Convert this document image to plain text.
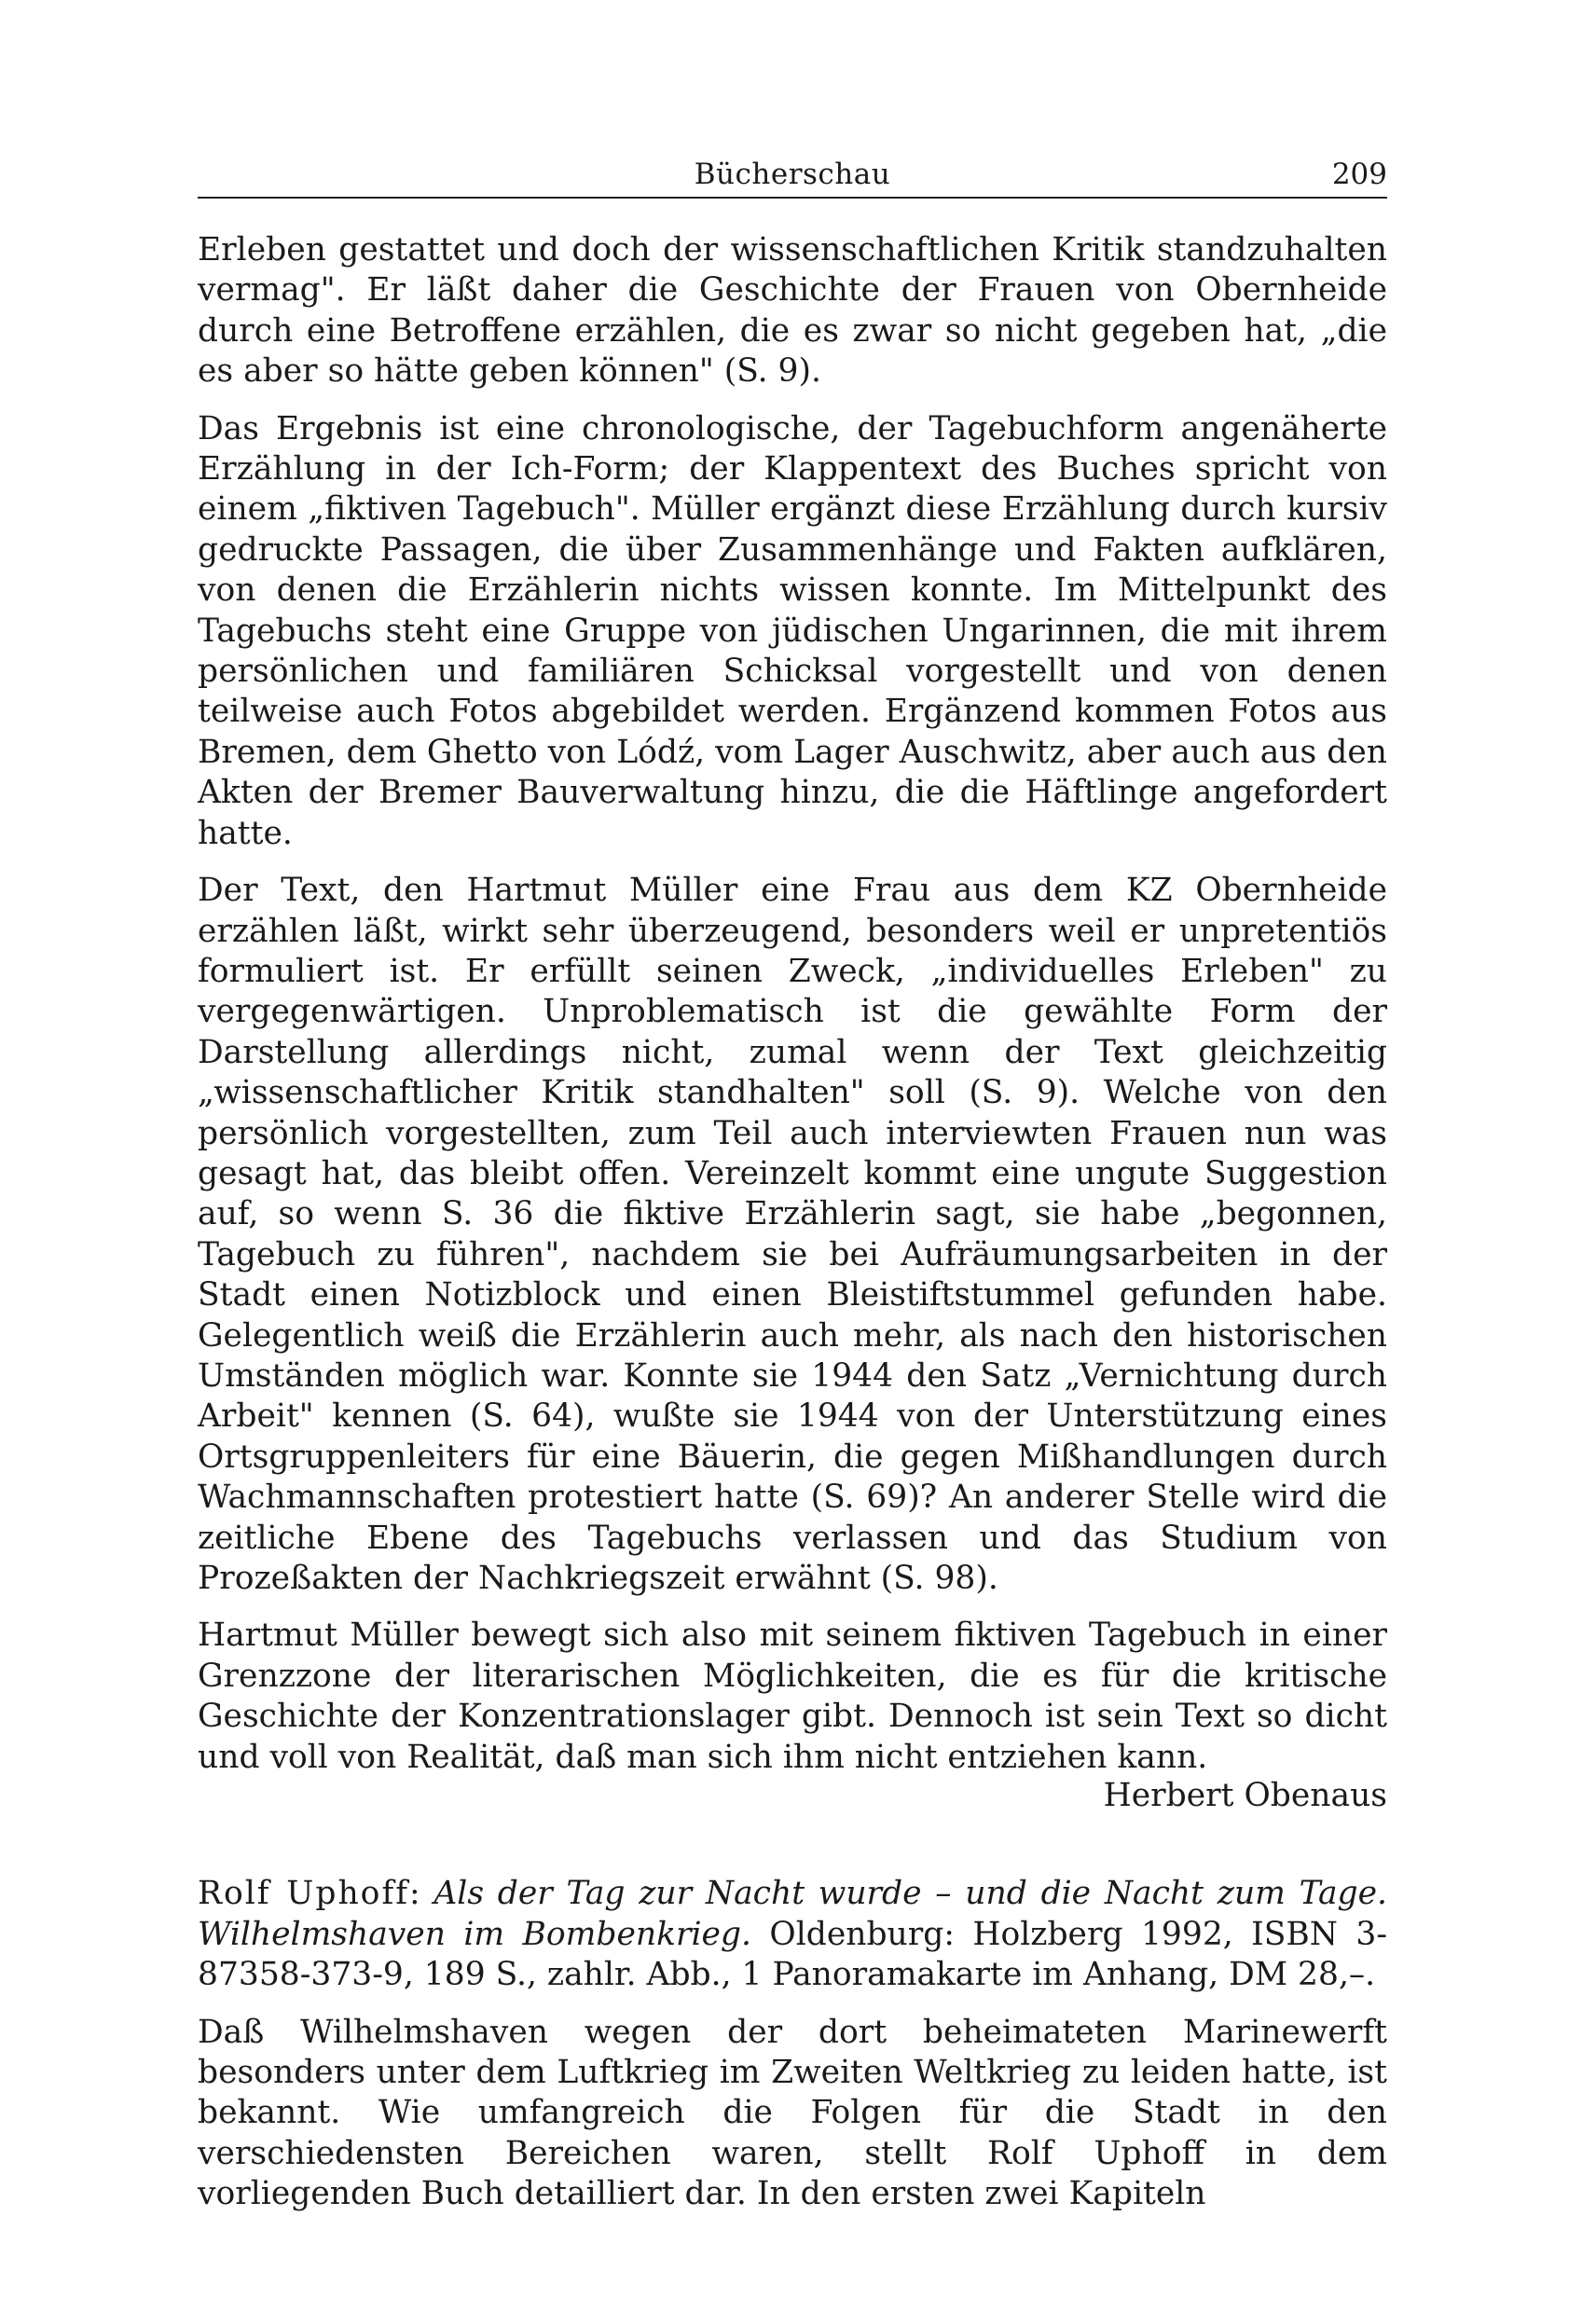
Bücherschau	209

Erleben gestattet und doch der wissenschaftlichen Kritik standzuhalten vermag". Er läßt daher die Geschichte der Frauen von Obernheide durch eine Betroffene erzählen, die es zwar so nicht gegeben hat, „die es aber so hätte geben können" (S. 9).

Das Ergebnis ist eine chronologische, der Tagebuchform angenäherte Erzählung in der Ich-Form; der Klappentext des Buches spricht von einem „fiktiven Tagebuch". Müller ergänzt diese Erzählung durch kursiv gedruckte Passagen, die über Zusammenhänge und Fakten aufklären, von denen die Erzählerin nichts wissen konnte. Im Mittelpunkt des Tagebuchs steht eine Gruppe von jüdischen Ungarinnen, die mit ihrem persönlichen und familiären Schicksal vorgestellt und von denen teilweise auch Fotos abgebildet werden. Ergänzend kommen Fotos aus Bremen, dem Ghetto von Lódź, vom Lager Auschwitz, aber auch aus den Akten der Bremer Bauverwaltung hinzu, die die Häftlinge angefordert hatte.

Der Text, den Hartmut Müller eine Frau aus dem KZ Obernheide erzählen läßt, wirkt sehr überzeugend, besonders weil er unpretentiös formuliert ist. Er erfüllt seinen Zweck, „individuelles Erleben" zu vergegenwärtigen. Unproblematisch ist die gewählte Form der Darstellung allerdings nicht, zumal wenn der Text gleichzeitig „wissenschaftlicher Kritik standhalten" soll (S. 9). Welche von den persönlich vorgestellten, zum Teil auch interviewten Frauen nun was gesagt hat, das bleibt offen. Vereinzelt kommt eine ungute Suggestion auf, so wenn S. 36 die fiktive Erzählerin sagt, sie habe „begonnen, Tagebuch zu führen", nachdem sie bei Aufräumungsarbeiten in der Stadt einen Notizblock und einen Bleistiftstummel gefunden habe. Gelegentlich weiß die Erzählerin auch mehr, als nach den historischen Umständen möglich war. Konnte sie 1944 den Satz „Vernichtung durch Arbeit" kennen (S. 64), wußte sie 1944 von der Unterstützung eines Ortsgruppenleiters für eine Bäuerin, die gegen Mißhandlungen durch Wachmannschaften protestiert hatte (S. 69)? An anderer Stelle wird die zeitliche Ebene des Tagebuchs verlassen und das Studium von Prozeßakten der Nachkriegszeit erwähnt (S. 98).

Hartmut Müller bewegt sich also mit seinem fiktiven Tagebuch in einer Grenzzone der literarischen Möglichkeiten, die es für die kritische Geschichte der Konzentrationslager gibt. Dennoch ist sein Text so dicht und voll von Realität, daß man sich ihm nicht entziehen kann.

Herbert Obenaus

Rolf Uphoff: Als der Tag zur Nacht wurde – und die Nacht zum Tage. Wilhelmshaven im Bombenkrieg. Oldenburg: Holzberg 1992, ISBN 3-87358-373-9, 189 S., zahlr. Abb., 1 Panoramakarte im Anhang, DM 28,–.

Daß Wilhelmshaven wegen der dort beheimateten Marinewerft besonders unter dem Luftkrieg im Zweiten Weltkrieg zu leiden hatte, ist bekannt. Wie umfangreich die Folgen für die Stadt in den verschiedensten Bereichen waren, stellt Rolf Uphoff in dem vorliegenden Buch detailliert dar. In den ersten zwei Kapiteln
